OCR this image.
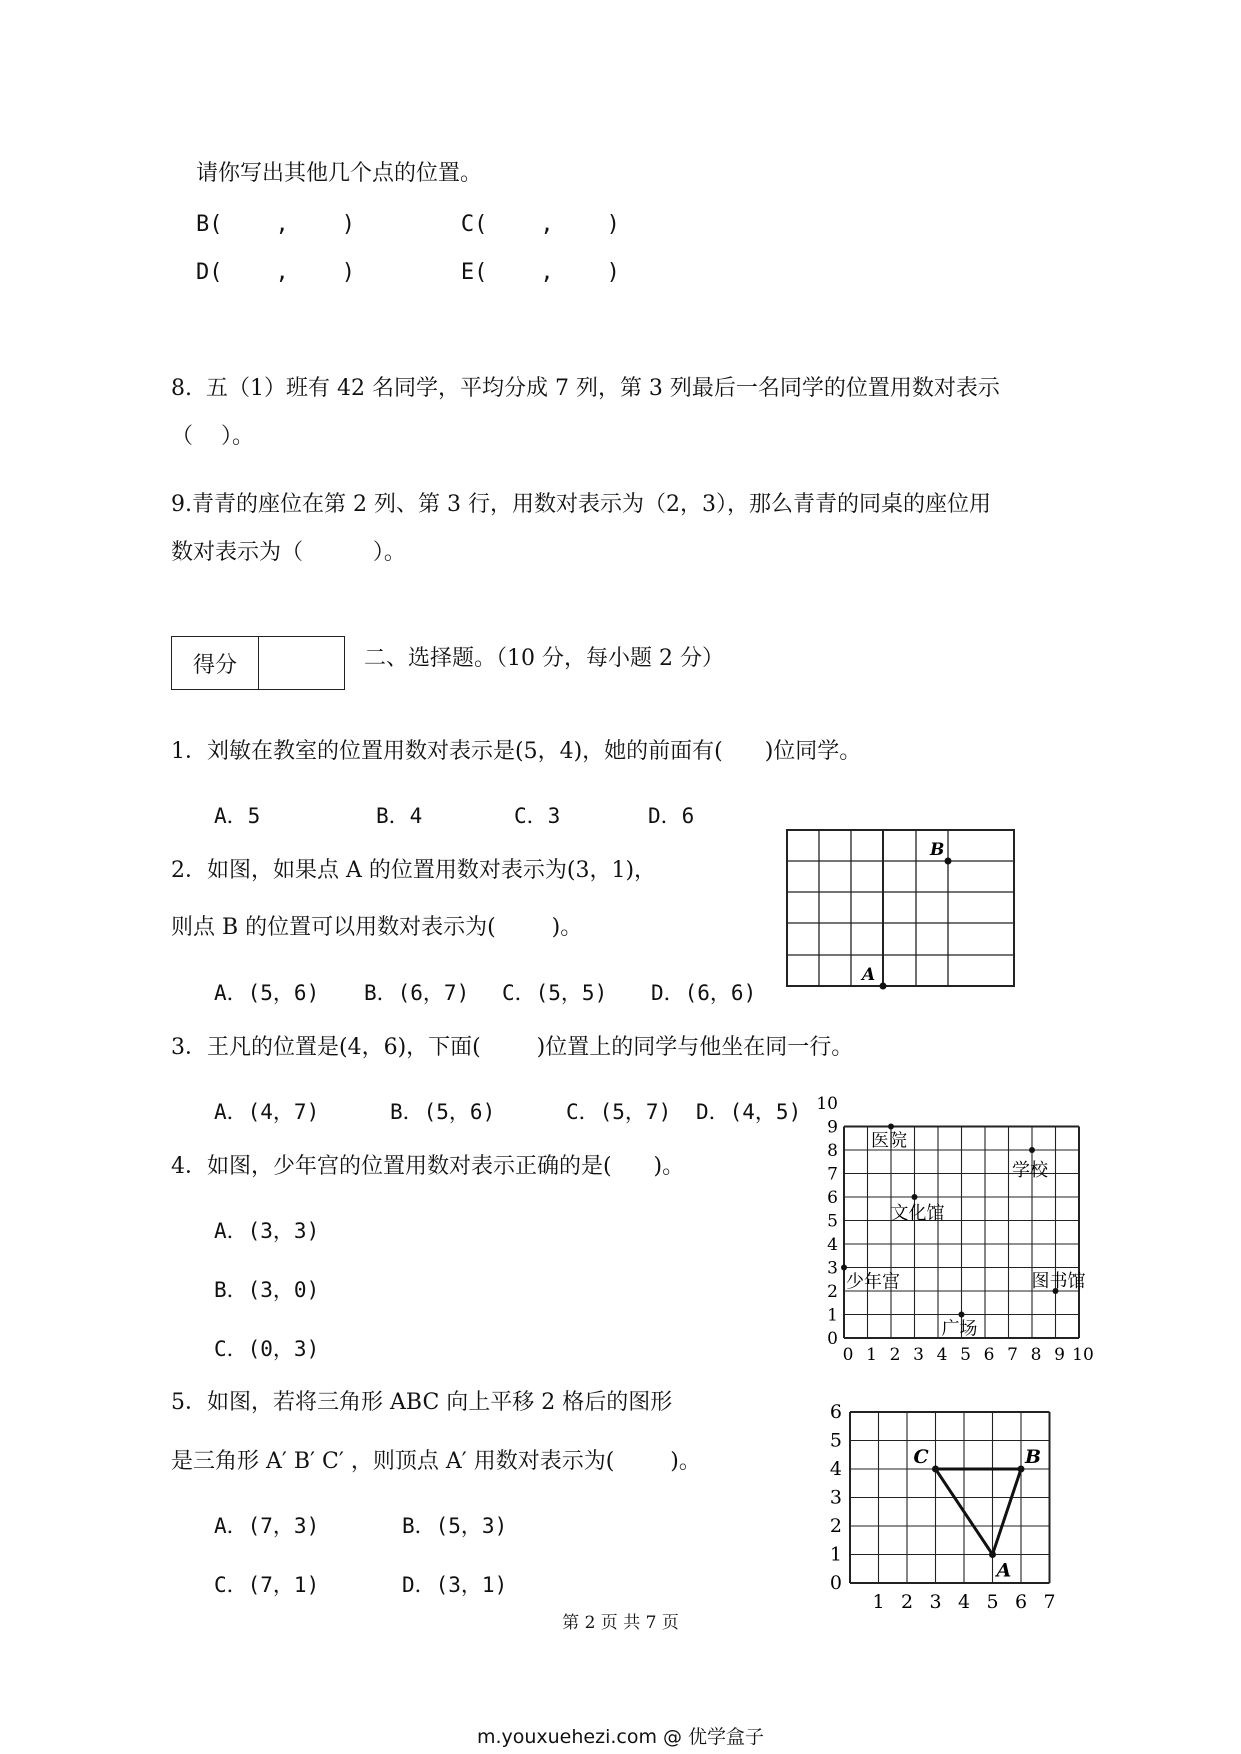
请你写出其他几个点的位置。
B(    ,    )        C(    ,    )
D(    ,    )        E(    ,    )
8.  五（1）班有 42 名同学，平均分成 7 列，第 3 列最后一名同学的位置用数对表示
（    ）。
9.青青的座位在第 2 列、第 3 行，用数对表示为（2，3），那么青青的同桌的座位用
数对表示为（          ）。
得分	二、选择题。（10 分，每小题 2 分）
1．刘敏在教室的位置用数对表示是(5，4)，她的前面有(      )位同学。
A．5	B．4	C．3	D．6
2．如图，如果点 A 的位置用数对表示为(3，1)，
则点 B 的位置可以用数对表示为(        )。
A．(5，6) B．(6，7) C．(5，5) D．(6，6)
B
A
3．王凡的位置是(4，6)，下面(        )位置上的同学与他坐在同一行。
A．(4，7)	B．(5，6)	C．(5，7) D．(4，5)
4．如图，少年宫的位置用数对表示正确的是(      )。
A．(3，3)
B．(3，0)
C．(0，3)	0
1
2
3
4
5
6
7
8
9
10
0 1 2 3 4 5 6 7 8 9 10
医院
学校
文化馆
少年宫	图书馆
广场
5．如图，若将三角形 ABC 向上平移 2 格后的图形
是三角形 A′ B′ C′ ，则顶点 A′ 用数对表示为(        )。
A．(7，3)	B．(5，3)
C．(7，1)	D．(3，1)	0
1
2
3
4
5
6
1 2 3 4 5 6 7
C	B
A
第 2 页 共 7 页
m.youxuehezi.com @ 优学盒子
